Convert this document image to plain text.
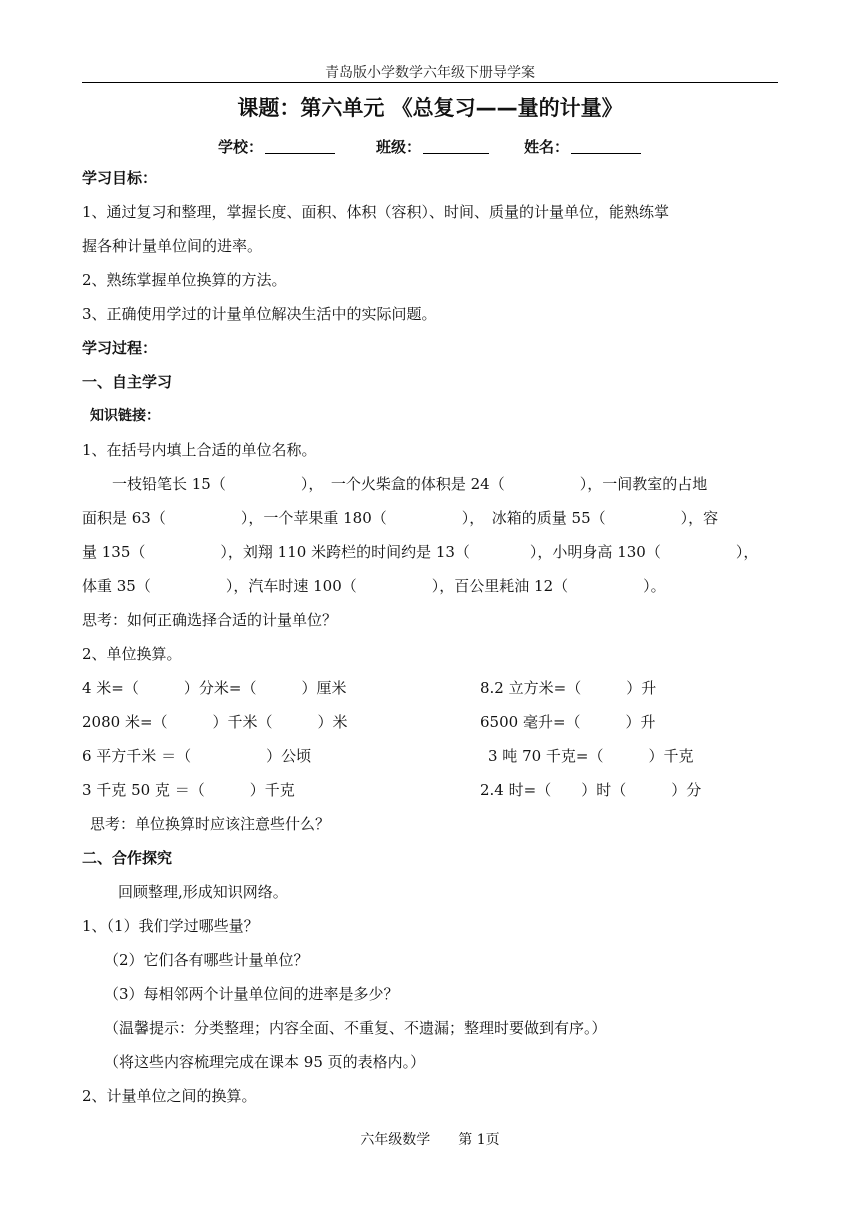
青岛版小学数学六年级下册导学案
课题：第六单元 《总复习——量的计量》
学校：	班级：	姓名：
学习目标：
1、通过复习和整理，掌握长度、面积、体积（容积）、时间、质量的计量单位，能熟练掌
握各种计量单位间的进率。
2、熟练掌握单位换算的方法。
3、正确使用学过的计量单位解决生活中的实际问题。
学习过程：
一、自主学习
知识链接：
1、在括号内填上合适的单位名称。
一枝铅笔长 15（　　　　　），　一个火柴盒的体积是 24（　　　　　），一间教室的占地
面积是 63（　　　　　），一个苹果重 180（　　　　　），　冰箱的质量 55（　　　　　），容
量 135（　　　　　），刘翔 110 米跨栏的时间约是 13（　　　　），小明身高 130（　　　　　），
体重 35（　　　　　），汽车时速 100（　　　　　），百公里耗油 12（　　　　　）。
思考：如何正确选择合适的计量单位？
2、单位换算。
4 米=（　　　）分米=（　　　）厘米	8.2 立方米=（　　　）升
2080 米=（　　　）千米（　　　）米	6500 毫升=（　　　）升
6 平方千米 ＝（　　　　　）公顷	3 吨 70 千克=（　　　）千克
3 千克 50 克 ＝（　　　）千克	2.4 时=（　　）时（　　　）分
思考：单位换算时应该注意些什么？
二、合作探究
回顾整理,形成知识网络。
1、（1）我们学过哪些量？
（2）它们各有哪些计量单位？
（3）每相邻两个计量单位间的进率是多少？
（温馨提示：分类整理；内容全面、不重复、不遗漏；整理时要做到有序。）
（将这些内容梳理完成在课本 95 页的表格内。）
2、计量单位之间的换算。
六年级数学　　第 1页
